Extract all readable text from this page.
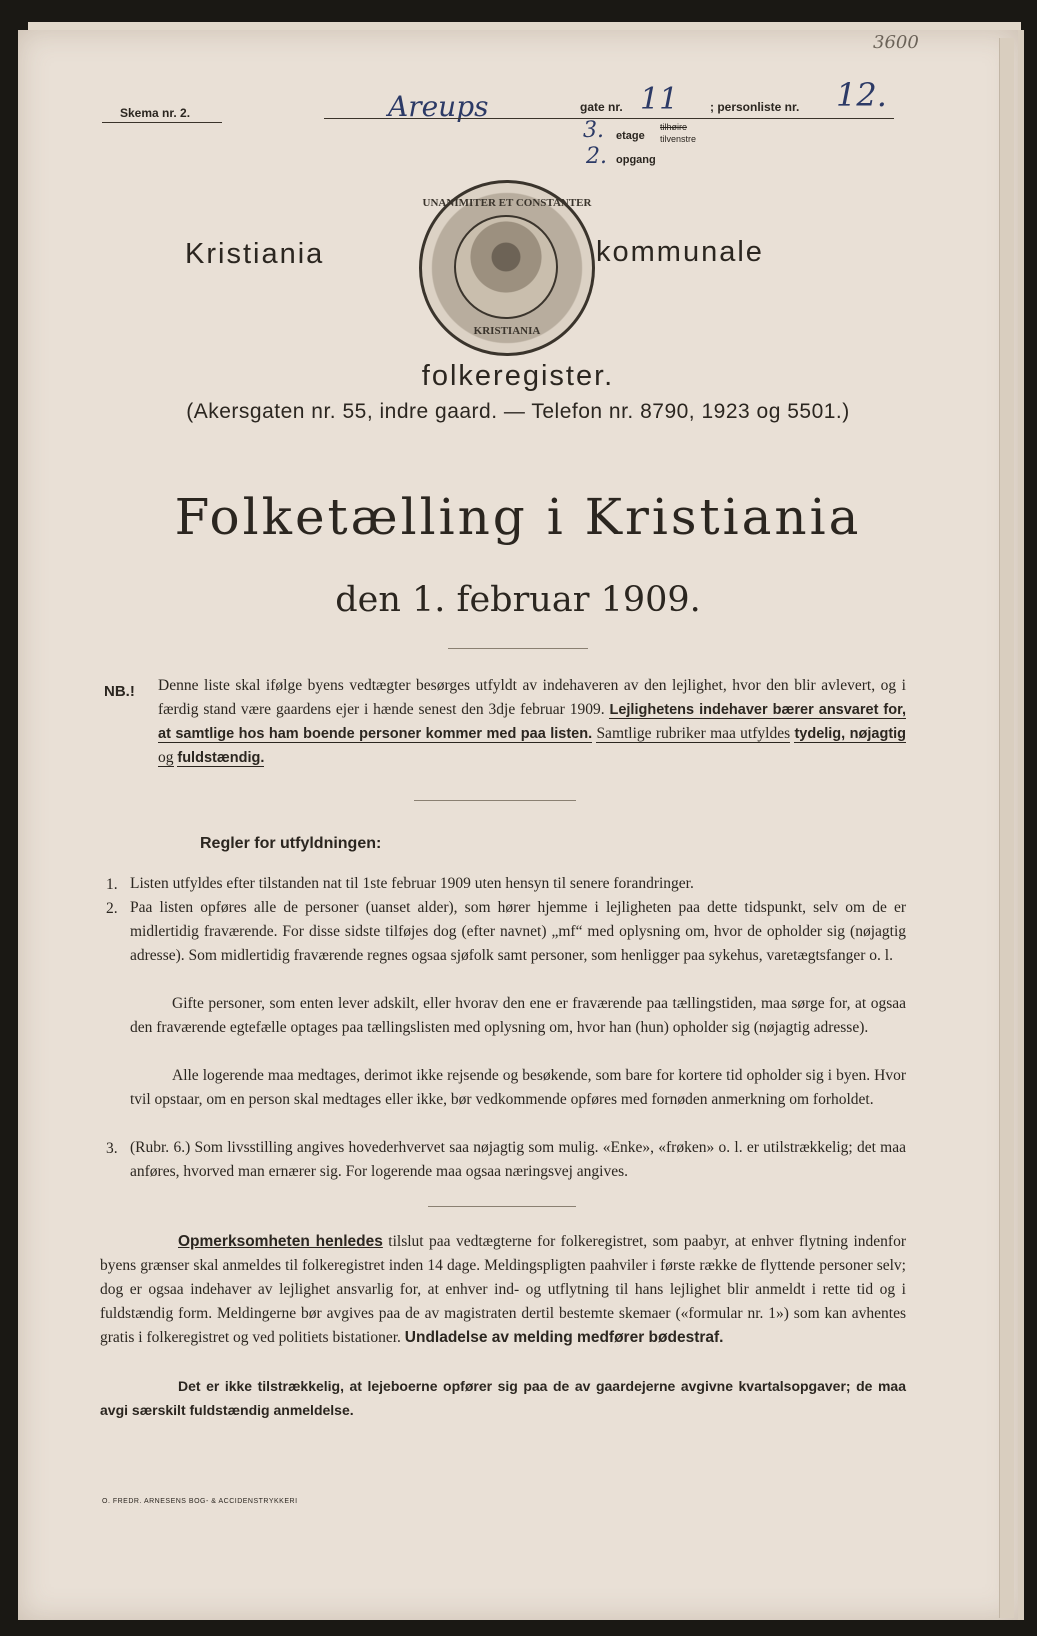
Skema nr. 2.	Areups	gate nr. 11	; personliste nr. 12.
3. etage
tilhøire
tilvenstre
2. opgang
3600
UNANIMITER ET CONSTANTER
KRISTIANIA
Kristiania	kommunale
folkeregister.
(Akersgaten nr. 55, indre gaard. — Telefon nr. 8790, 1923 og 5501.)
Folketælling i Kristiania
den 1. februar 1909.
NB.! Denne liste skal ifølge byens vedtægter besørges utfyldt av indehaveren av den lejlighet, hvor den blir avlevert, og i færdig stand være gaardens ejer i hænde senest den 3dje februar 1909. Lejlighetens indehaver bærer ansvaret for, at samtlige hos ham boende personer kommer med paa listen. Samtlige rubriker maa utfyldes tydelig, nøjagtig og fuldstændig.
Regler for utfyldningen:
1. Listen utfyldes efter tilstanden nat til 1ste februar 1909 uten hensyn til senere forandringer.
2. Paa listen opføres alle de personer (uanset alder), som hører hjemme i lejligheten paa dette tidspunkt, selv om de er midlertidig fraværende. For disse sidste tilføjes dog (efter navnet) „mf“ med oplysning om, hvor de opholder sig (nøjagtig adresse). Som midlertidig fraværende regnes ogsaa sjøfolk samt personer, som henligger paa sykehus, varetægtsfanger o. l.
Gifte personer, som enten lever adskilt, eller hvorav den ene er fraværende paa tællingstiden, maa sørge for, at ogsaa den fraværende egtefælle optages paa tællingslisten med oplysning om, hvor han (hun) opholder sig (nøjagtig adresse).
Alle logerende maa medtages, derimot ikke rejsende og besøkende, som bare for kortere tid opholder sig i byen. Hvor tvil opstaar, om en person skal medtages eller ikke, bør vedkommende opføres med fornøden anmerkning om forholdet.
3. (Rubr. 6.) Som livsstilling angives hovederhvervet saa nøjagtig som mulig. «Enke», «frøken» o. l. er utilstrækkelig; det maa anføres, hvorved man ernærer sig. For logerende maa ogsaa næringsvej angives.
Opmerksomheten henledes tilslut paa vedtægterne for folkeregistret, som paabyr, at enhver flytning indenfor byens grænser skal anmeldes til folkeregistret inden 14 dage. Meldingspligten paahviler i første række de flyttende personer selv; dog er ogsaa indehaver av lejlighet ansvarlig for, at enhver ind- og utflytning til hans lejlighet blir anmeldt i rette tid og i fuldstændig form. Meldingerne bør avgives paa de av magistraten dertil bestemte skemaer («formular nr. 1») som kan avhentes gratis i folkeregistret og ved politiets bistationer. Undladelse av melding medfører bødestraf.
Det er ikke tilstrækkelig, at lejeboerne opfører sig paa de av gaardejerne avgivne kvartalsopgaver; de maa avgi særskilt fuldstændig anmeldelse.
O. FREDR. ARNESENS BOG- & ACCIDENSTRYKKERI
